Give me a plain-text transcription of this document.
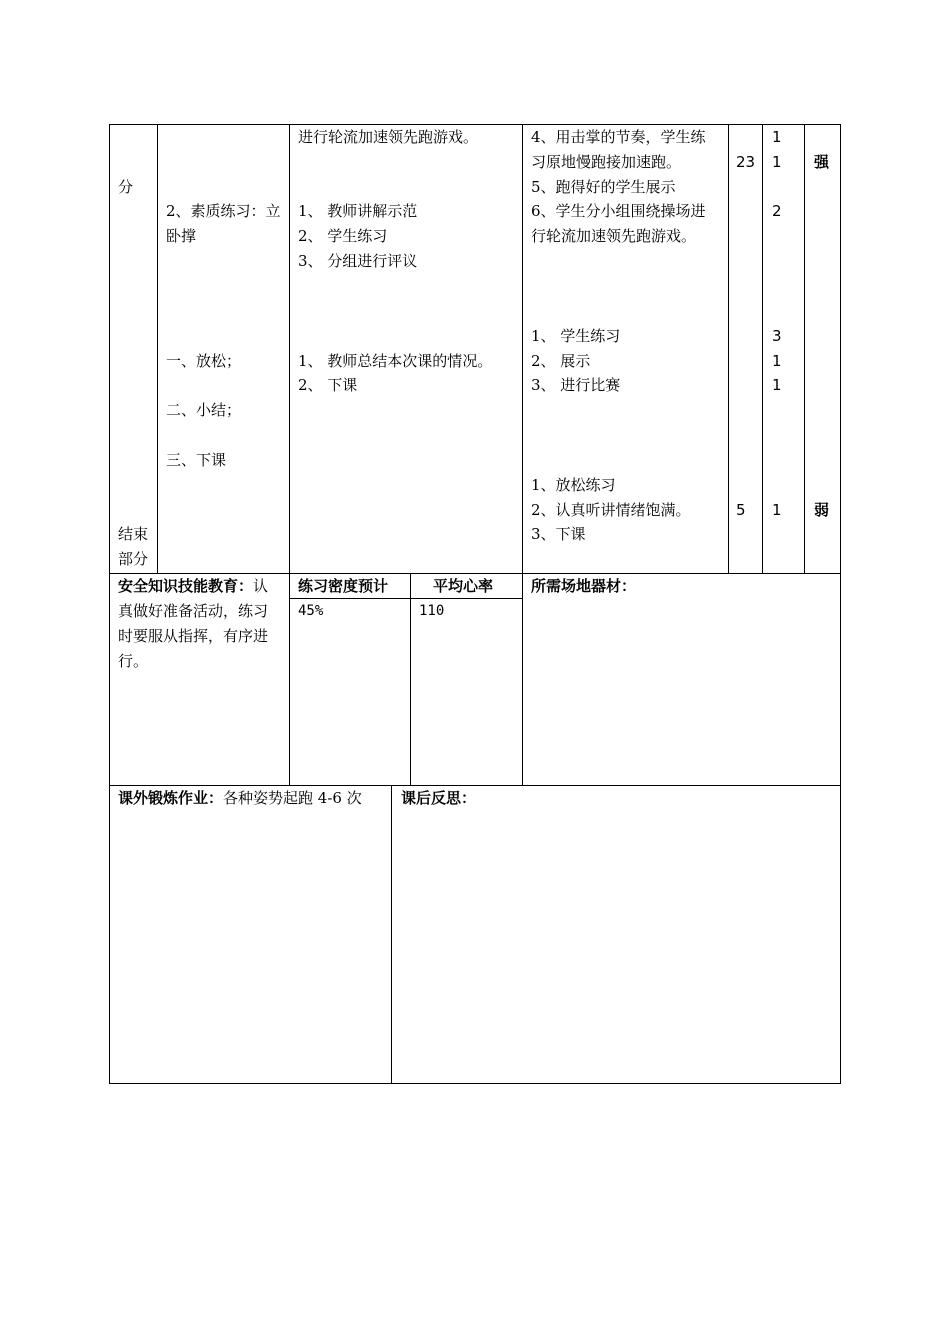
分
结束
部分
2、素质练习：立
卧撑
一、放松；
二、小结；
三、下课
进行轮流加速领先跑游戏。
1、 教师讲解示范
2、 学生练习
3、 分组进行评议
1、 教师总结本次课的情况。
2、 下课
4、用击掌的节奏，学生练
习原地慢跑接加速跑。
5、跑得好的学生展示
6、学生分小组围绕操场进
行轮流加速领先跑游戏。
1、 学生练习
2、 展示
3、 进行比赛
1、放松练习
2、认真听讲情绪饱满。
3、下课
23
5
1
1
2
3
1
1
1
强
弱
安全知识技能教育：认
真做好准备活动，练习
时要服从指挥，有序进
行。
练习密度预计
45%
平均心率
110
所需场地器材：
课外锻炼作业：各种姿势起跑 4-6 次	课后反思：
